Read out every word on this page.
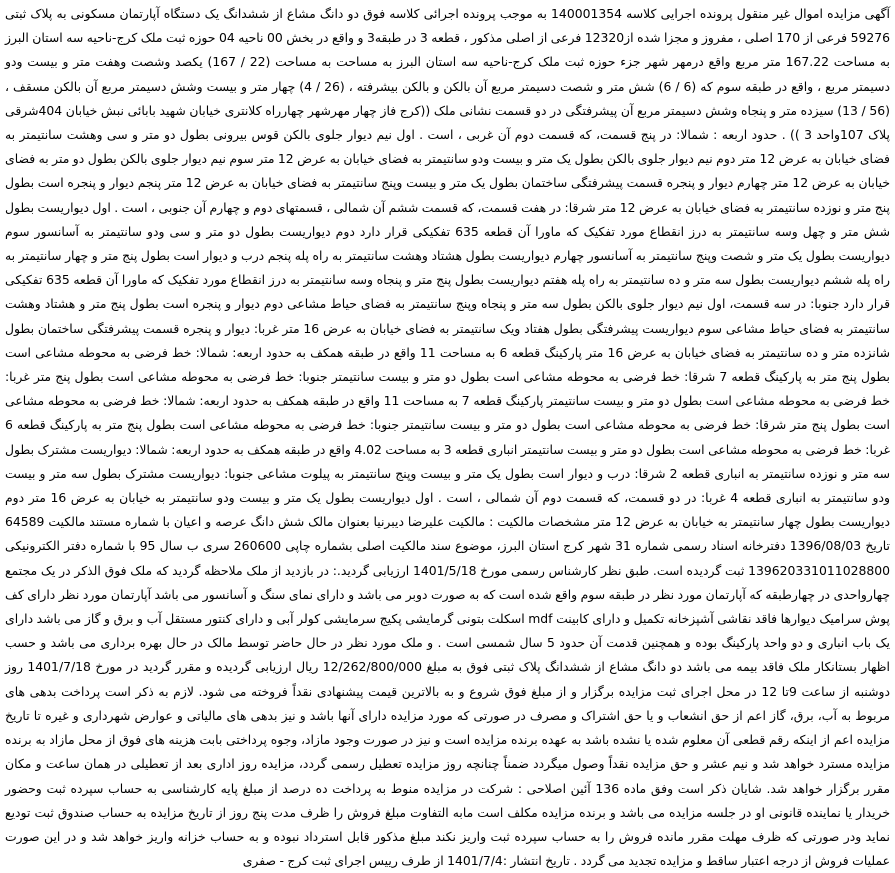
آگهی مزایده اموال غیر منقول پرونده اجرایی کلاسه 140001354 به موجب پرونده اجرائی کلاسه فوق دو دانگ مشاع از ششدانگ یک دستگاه آپارتمان مسکونی به پلاک ثبتی 59276 فرعی از 170 اصلی ، مفروز و مجزا شده از12320 فرعی از اصلی مذکور ، قطعه 3 در طبقه3 و واقع در بخش 00 ناحیه 04 حوزه ثبت ملک کرج-ناحیه سه استان البرز به مساحت 167.22 متر مربع واقع درمهر شهر جزء حوزه ثبت ملک کرج-ناحیه سه استان البرز به مساحت به مساحت (22 / 167) یکصد وشصت وهفت متر و بیست ودو دسیمتر مربع ، واقع در طبقه سوم که (6 / 6) شش متر و شصت دسیمتر مربع آن بالکن و بالکن بیشرفته ، (26 / 4) چهار متر و بیست وشش دسیمتر مربع آن بالکن مسقف ، (56 / 13) سیزده متر و پنجاه وشش دسیمتر مربع آن پیشرفتگی در دو قسمت نشانی ملک ((کرج فاز چهار مهرشهر چهارراه کلانتری خیابان شهید بابائی نبش خیابان 404شرقی پلاک 107واحد 3 )) . حدود اربعه : شمالا: در پنج قسمت، که قسمت دوم آن غربی ، است . اول نیم دیوار جلوی بالکن قوس بیرونی بطول دو متر و سی وهشت سانتیمتر به فضای خیابان به عرض 12 متر دوم نیم دیوار جلوی بالکن بطول یک متر و بیست ودو سانتیمتر به فضای خیابان به عرض 12 متر سوم نیم دیوار جلوی بالکن بطول دو متر به فضای خیابان به عرض 12 متر چهارم دیوار و پنجره قسمت پیشرفتگی ساختمان بطول یک متر و بیست وپنج سانتیمتر به فضای خیابان به عرض 12 متر پنجم دیوار و پنجره است بطول پنج متر و نوزده سانتیمتر به فضای خیابان به عرض 12 متر شرقا: در هفت قسمت، که قسمت ششم آن شمالی ، قسمتهای دوم و چهارم آن جنوبی ، است . اول دیواریست بطول شش متر و چهل وسه سانتیمتر به درز انقطاع مورد تفکیک که ماورا آن قطعه 635 تفکیکی قرار دارد دوم دیواریست بطول دو متر و سی ودو سانتیمتر به آسانسور سوم دیواریست بطول یک متر و شصت وپنج سانتیمتر به آسانسور چهارم دیواریست بطول هشتاد وهشت سانتیمتر به راه پله پنجم درب و دیوار است بطول پنج متر و چهار سانتیمتر به راه پله ششم دیواریست بطول سه متر و ده سانتیمتر به راه پله هفتم دیواریست بطول پنج متر و پنجاه وسه سانتیمتر به درز انقطاع مورد تفکیک که ماورا آن قطعه 635 تفکیکی قرار دارد جنوبا: در سه قسمت، اول نیم دیوار جلوی بالکن بطول سه متر و پنجاه وپنج سانتیمتر به فضای حیاط مشاعی دوم دیوار و پنجره است بطول پنج متر و هشتاد وهشت سانتیمتر به فضای حیاط مشاعی سوم دیواریست پیشرفتگی بطول هفتاد ویک سانتیمتر به فضای خیابان به عرض 16 متر غربا: دیوار و پنجره قسمت پیشرفتگی ساختمان بطول شانزده متر و ده سانتیمتر به فضای خیابان به عرض 16 متر پارکینگ قطعه 6 به مساحت 11 واقع در طبقه همکف به حدود اربعه: شمالا: خط فرضی به محوطه مشاعی است بطول پنج متر به پارکینگ قطعه 7 شرقا: خط فرضی به محوطه مشاعی است بطول دو متر و بیست سانتیمتر جنوبا: خط فرضی به محوطه مشاعی است بطول پنج متر غربا: خط فرضی به محوطه مشاعی است بطول دو متر و بیست سانتیمتر پارکینگ قطعه 7 به مساحت 11 واقع در طبقه همکف به حدود اربعه: شمالا: خط فرضی به محوطه مشاعی است بطول پنج متر شرقا: خط فرضی به محوطه مشاعی است بطول دو متر و بیست سانتیمتر جنوبا: خط فرضی به محوطه مشاعی است بطول پنج متر به پارکینگ قطعه 6 غربا: خط فرضی به محوطه مشاعی است بطول دو متر و بیست سانتیمتر انباری قطعه 3 به مساحت 4.02 واقع در طبقه همکف به حدود اربعه: شمالا: دیواریست مشترک بطول سه متر و نوزده سانتیمتر به انباری قطعه 2 شرقا: درب و دیوار است بطول یک متر و بیست وپنج سانتیمتر به پیلوت مشاعی جنوبا: دیواریست مشترک بطول سه متر و بیست ودو سانتیمتر به انباری قطعه 4 غربا: در دو قسمت، که قسمت دوم آن شمالی ، است . اول دیواریست بطول یک متر و بیست ودو سانتیمتر به خیابان به عرض 16 متر دوم دیواریست بطول چهار سانتیمتر به خیابان به عرض 12 متر مشخصات مالکیت : مالکیت علیرضا دیبرنیا بعنوان مالک شش دانگ عرصه و اعیان با شماره مستند مالکیت 64589 تاریخ 1396/08/03 دفترخانه اسناد رسمی شماره 31 شهر کرج استان البرز، موضوع سند مالکیت اصلی بشماره چاپی 260600 سری ب سال 95 با شماره دفتر الکترونیکی 139620331011028800 ثبت گردیده است. طبق نظر کارشناس رسمی مورخ 1401/5/18 ارزیابی گردید.: در بازدید از ملک ملاحظه گردید که ملک فوق الذکر در یک مجتمع چهارواحدی در چهارطبقه که آپارتمان مورد نظر در طبقه سوم واقع شده است که به صورت دوبر می باشد و دارای نمای سنگ و آسانسور می باشد آپارتمان مورد نظر دارای کف پوش سرامیک دیوارها فاقد نقاشی آشپزخانه تکمیل و دارای کابینت mdf اسکلت بتونی گرمایشی پکیج سرمایشی کولر آبی و دارای کنتور مستقل آب و برق و گاز می باشد دارای یک باب انباری و دو واحد پارکینگ بوده و همچنین قدمت آن حدود 5 سال شمسی است . و ملک مورد نظر در حال حاضر توسط مالک در حال بهره برداری می باشد و حسب اظهار بستانکار ملک فاقد بیمه می باشد دو دانگ مشاع از ششدانگ پلاک ثبتی فوق به مبلغ 12/262/800/000 ریال ارزیابی گردیده و مقرر گردید در مورخ 1401/7/18 روز دوشنبه از ساعت 9تا 12 در محل اجرای ثبت مزایده برگزار و از مبلغ فوق شروع و به بالاترین قیمت پیشنهادی نقداً فروخته می شود. لازم به ذکر است پرداخت بدهی های مربوط به آب، برق، گاز اعم از حق انشعاب و یا حق اشتراک و مصرف در صورتی که مورد مزایده دارای آنها باشد و نیز بدهی های مالیاتی و عوارض شهرداری و غیره تا تاریخ مزایده اعم از اینکه رقم قطعی آن معلوم شده یا نشده باشد به عهده برنده مزایده است و نیز در صورت وجود مازاد، وجوه پرداختی بابت هزینه های فوق از محل مازاد به برنده مزایده مسترد خواهد شد و نیم عشر و حق مزایده نقداً وصول میگردد ضمناً چنانچه روز مزایده تعطیل رسمی گردد، مزایده روز اداری بعد از تعطیلی در همان ساعت و مکان مقرر برگزار خواهد شد. شایان ذکر است وفق ماده 136 آئین اصلاحی : شرکت در مزایده منوط به پرداخت ده درصد از مبلغ پایه کارشناسی به حساب سپرده ثبت وحضور خریدار یا نماینده قانونی او در جلسه مزایده می باشد و برنده مزایده مکلف است مابه التفاوت مبلغ فروش را ظرف مدت پنج روز از تاریخ مزایده به حساب صندوق ثبت تودیع نماید ودر صورتی که ظرف مهلت مقرر مانده فروش را به حساب سپرده ثبت واریز نکند مبلغ مذکور قابل استرداد نبوده و به حساب خزانه واریز خواهد شد و در این صورت عملیات فروش از درجه اعتبار ساقط و مزایده تجدید می گردد . تاریخ انتشار :1401/7/4 از طرف رییس اجرای ثبت کرج - صفری
